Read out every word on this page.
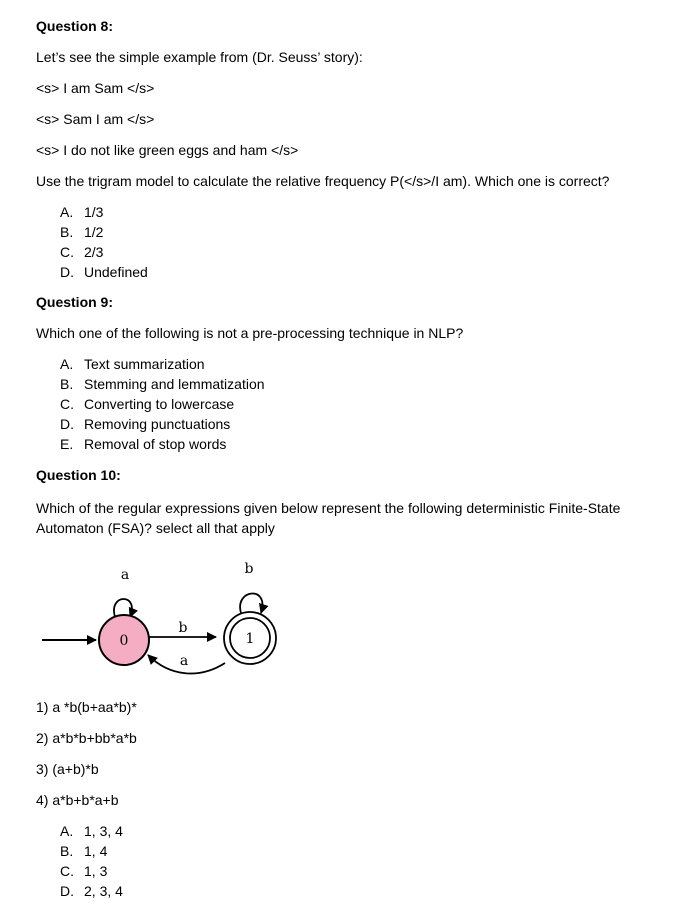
Question 8:
Let’s see the simple example from (Dr. Seuss’ story):
<s> I am Sam </s>
<s> Sam I am </s>
<s> I do not like green eggs and ham </s>
Use the trigram model to calculate the relative frequency P(</s>/I am). Which one is correct?
A. 1/3
B. 1/2
C. 2/3
D. Undefined
Question 9:
Which one of the following is not a pre-processing technique in NLP?
A. Text summarization
B. Stemming and lemmatization
C. Converting to lowercase
D. Removing punctuations
E. Removal of stop words
Question 10:
Which of the regular expressions given below represent the following deterministic Finite-State Automaton (FSA)? select all that apply
a
0
b
a
b
1
1) a *b(b+aa*b)*
2) a*b*b+bb*a*b
3) (a+b)*b
4) a*b+b*a+b
A. 1, 3, 4
B. 1, 4
C. 1, 3
D. 2, 3, 4
